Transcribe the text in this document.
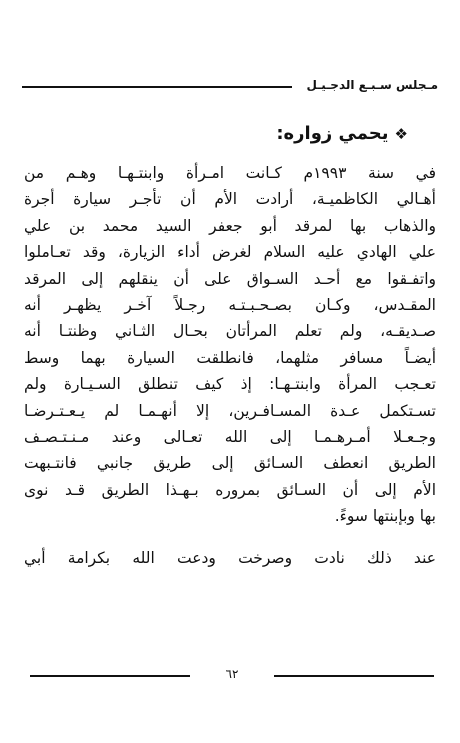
مـجلس سـبـع الدجـيـل
❖يحمي زواره:
في سنة ١٩٩٣م كـانت امـرأة وابنتـهـا وهـم من
أهـالي الكاظميـة، أرادت الأم أن تأجـر سيارة أجرة
والذهاب بها لمرقد أبو جعفر السيد محمد بن علي
علي الهادي عليه السلام لغرض أداء الزيارة، وقد تعـاملوا
واتفـقوا مع أحـد السـواق على أن ينقلهم إلى المرقد
المقـدس، وكـان بصـحـبـتـه رجـلاً آخـر يظهـر أنه
صـديقـه، ولم تعلم المرأتان بحـال الثـاني وظنتـا أنه
أيضـاً مسافر مثلهما، فانطلقت السيارة بهما وسط
تعـجب المرأة وابنتـهـا: إذ كيف تنطلق السـيـارة ولم
تسـتكمل عـدة المسـافـرين، إلا أنهـمـا لم يـعـتـرضـا
وجـعـلا أمـرهـمـا إلى الله تعـالى وعند مـنـتـصـف
الطريق انعطف السـائق إلى طريق جانبي فانتـبهت
الأم إلى أن السـائق بمروره بـهـذا الطريق قـد نوى
بها وبإبنتها سوءً.
عند ذلك نادت وصرخت ودعت الله بكرامة أبي
٦٢
